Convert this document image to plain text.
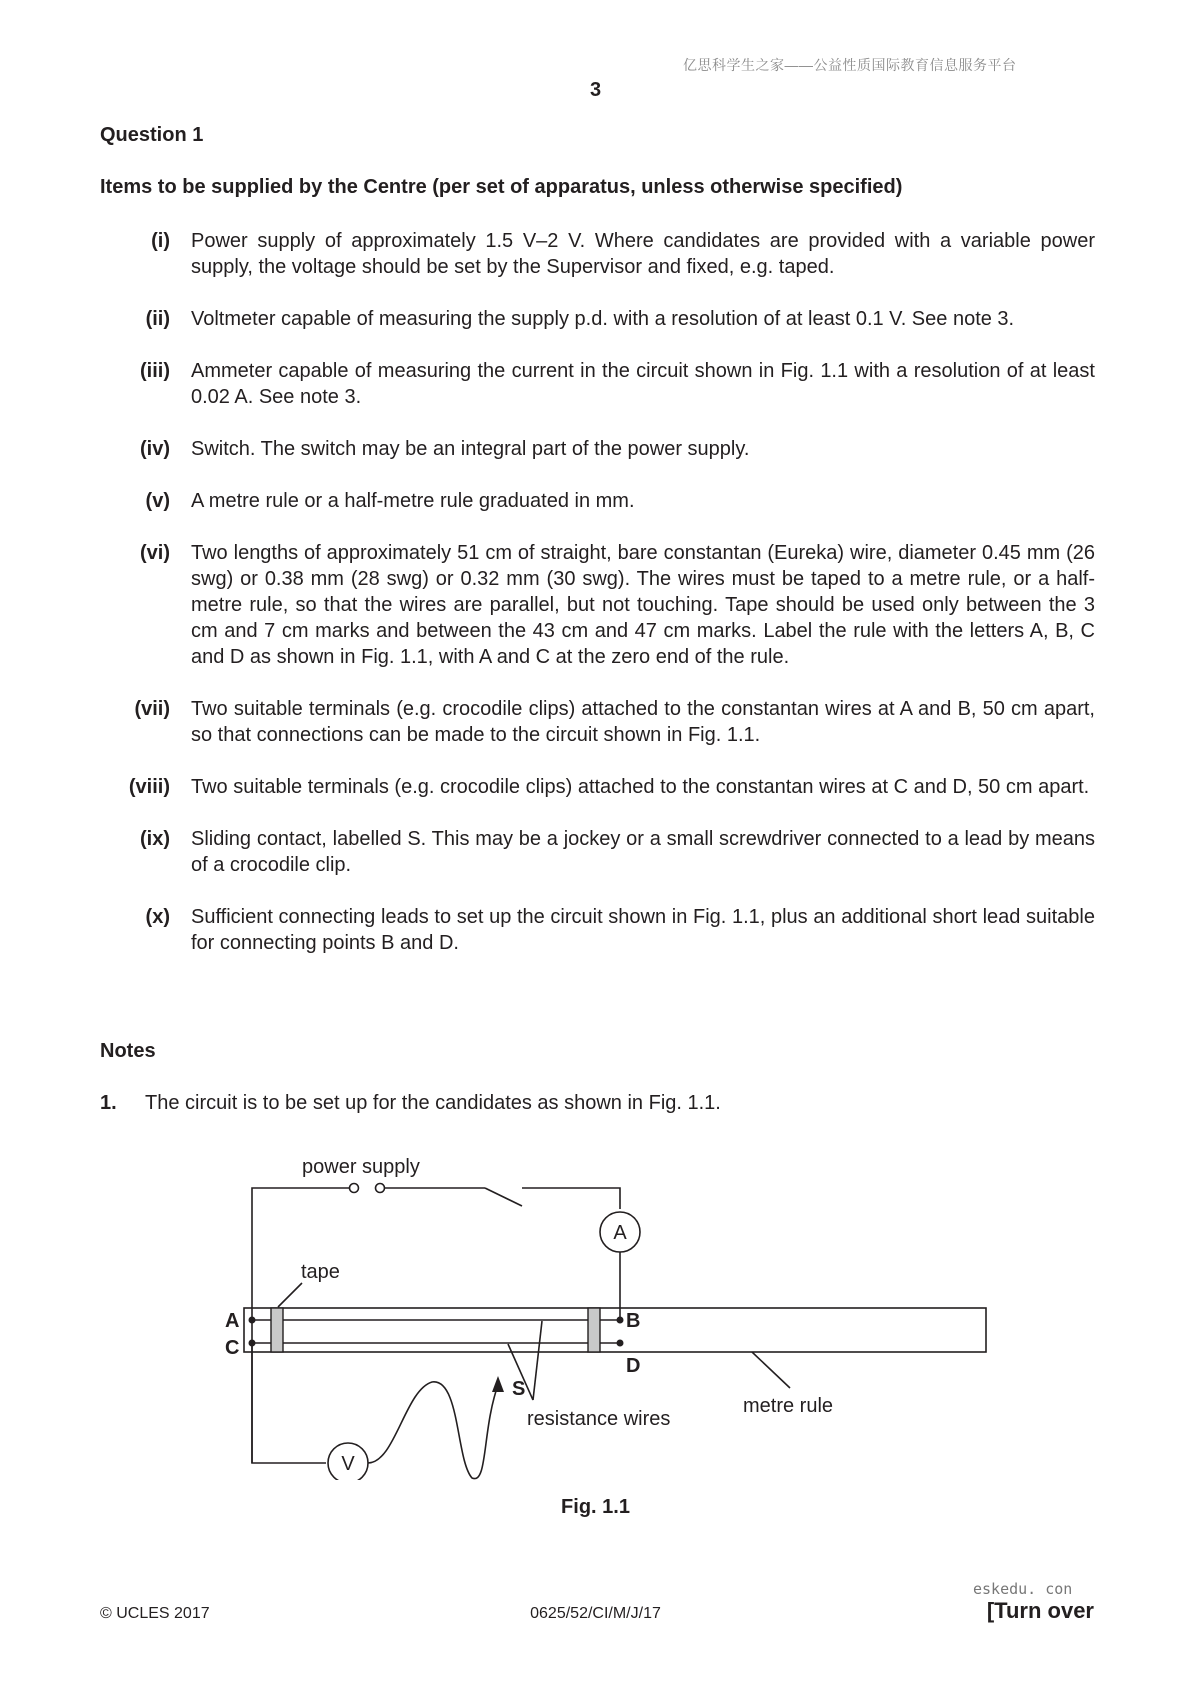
亿思科学生之家——公益性质国际教育信息服务平台
3
Question 1
Items to be supplied by the Centre (per set of apparatus, unless otherwise specified)
(i)	Power supply of approximately 1.5 V–2 V. Where candidates are provided with a variable power supply, the voltage should be set by the Supervisor and fixed, e.g. taped.
(ii)	Voltmeter capable of measuring the supply p.d. with a resolution of at least 0.1 V. See note 3.
(iii)	Ammeter capable of measuring the current in the circuit shown in Fig. 1.1 with a resolution of at least 0.02 A. See note 3.
(iv)	Switch. The switch may be an integral part of the power supply.
(v)	A metre rule or a half-metre rule graduated in mm.
(vi)	Two lengths of approximately 51 cm of straight, bare constantan (Eureka) wire, diameter 0.45 mm (26 swg) or 0.38 mm (28 swg) or 0.32 mm (30 swg). The wires must be taped to a metre rule, or a half-metre rule, so that the wires are parallel, but not touching. Tape should be used only between the 3 cm and 7 cm marks and between the 43 cm and 47 cm marks. Label the rule with the letters A, B, C and D as shown in Fig. 1.1, with A and C at the zero end of the rule.
(vii)	Two suitable terminals (e.g. crocodile clips) attached to the constantan wires at A and B, 50 cm apart, so that connections can be made to the circuit shown in Fig. 1.1.
(viii)	Two suitable terminals (e.g. crocodile clips) attached to the constantan wires at C and D, 50 cm apart.
(ix)	Sliding contact, labelled S. This may be a jockey or a small screwdriver connected to a lead by means of a crocodile clip.
(x)	Sufficient connecting leads to set up the circuit shown in Fig. 1.1, plus an additional short lead suitable for connecting points B and D.
Notes
1. The circuit is to be set up for the candidates as shown in Fig. 1.1.
power supply
tape
A
C
B
D
S
A
V
resistance wires
metre rule
Fig. 1.1
© UCLES 2017	0625/52/CI/M/J/17
eskedu. con
[Turn over
